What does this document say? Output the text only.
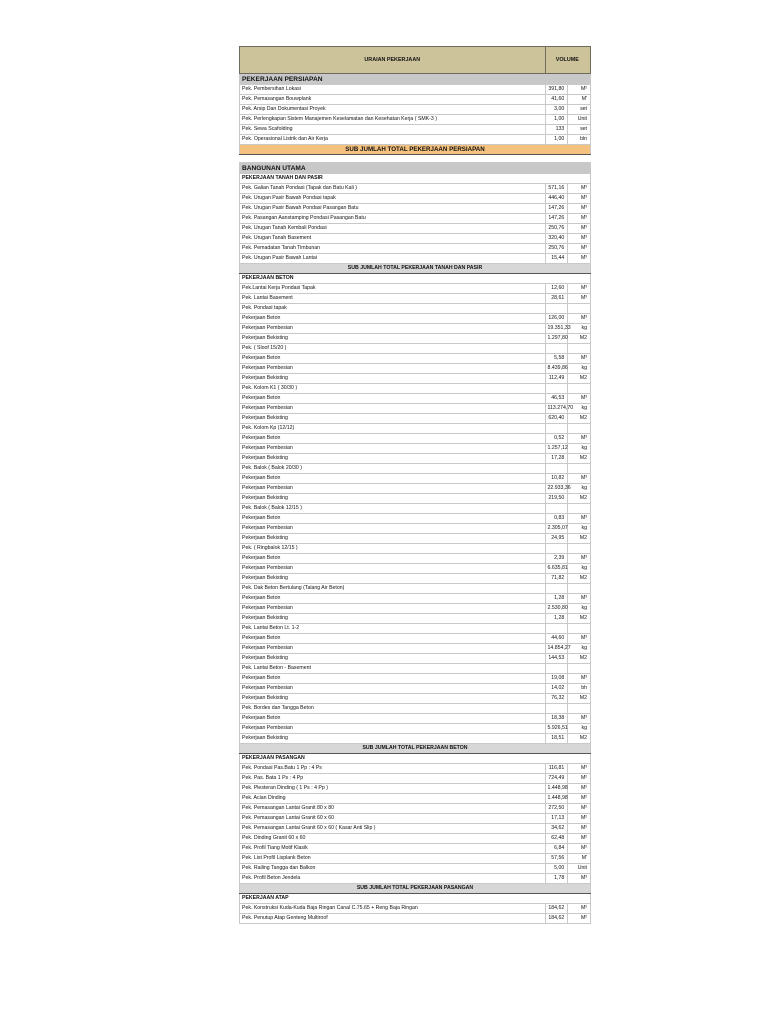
URAIAN PEKERJAAN	VOLUME	
PEKERJAAN PERSIAPAN		
Pek. Pembersihan Lokasi	391,80	M²
Pek. Pemasangan Bouwplank	41,60	M'
Pek. Arsip Dan Dokumentasi Proyek	3,00	set
Pek. Perlengkapan Sistem Manajemen Keselamatan dan Kesehatan Kerja ( SMK-3 )	1,00	Unit
Pek. Sewa Scafolding	133	set
Pek. Operasional Listrik dan Air Kerja	1,00	bln
SUB JUMLAH TOTAL PEKERJAAN PERSIAPAN		

BANGUNAN UTAMA		
PEKERJAAN TANAH DAN PASIR		
Pek. Galian Tanah Pondasi (Tapak dan Batu Kali )	571,16	M³
Pek. Urugan Pasir Bawah Pondasi tapak	446,40	M³
Pek. Urugan Pasir Bawah Pondasi Pasangan Batu	147,26	M³
Pek. Pasangan Aanstamping Pondasi Pasangan Batu	147,26	M³
Pek. Urugan Tanah Kembali Pondasi	250,76	M³
Pek. Urugan Tanah Basement	320,40	M³
Pek. Pemadatan Tanah Timbunan	250,76	M³
Pek. Urugan Pasir Bawah Lantai	15,44	M³
SUB JUMLAH TOTAL PEKERJAAN TANAH DAN PASIR		
PEKERJAAN BETON		
Pek.Lantai Kerja Pondasi Tapak	12,60	M³
Pek. Lantai Basement	28,61	M³
Pek. Pondasi tapak		
Pekerjaan Beton	126,00	M³
Pekerjaan Pembesian	19.351,33	kg
Pekerjaan Bekisting	1.297,80	M2
Pek. ( Sloof 15/20 )		
Pekerjaan Beton	5,58	M³
Pekerjaan Pembesian	8.439,86	kg
Pekerjaan Bekisting	112,49	M2
Pek. Kolom K1 ( 30/30 )		
Pekerjaan Beton	46,53	M³
Pekerjaan Pembesian	113.274,70	kg
Pekerjaan Bekisting	620,40	M2
Pek. Kolom Kp (12/12)		
Pekerjaan Beton	0,52	M³
Pekerjaan Pembesian	1.257,12	kg
Pekerjaan Bekisting	17,28	M2
Pek. Balok ( Balok 20/30 )		
Pekerjaan Beton	10,82	M³
Pekerjaan Pembesian	22.933,36	kg
Pekerjaan Bekisting	219,50	M2
Pek. Balok ( Balok 12/15 )		
Pekerjaan Beton	0,83	M³
Pekerjaan Pembesian	2.305,07	kg
Pekerjaan Bekisting	24,95	M2
Pek. ( Ringbalok 12/15 )		
Pekerjaan Beton	2,39	M³
Pekerjaan Pembesian	6.635,81	kg
Pekerjaan Bekisting	71,82	M2
Pek. Dak Beton Bertulang (Talang Air Beton)		
Pekerjaan Beton	1,28	M³
Pekerjaan Pembesian	2.530,80	kg
Pekerjaan Bekisting	1,28	M2
Pek. Lantai Beton Lt. 1-2		
Pekerjaan Beton	44,60	M³
Pekerjaan Pembesian	14.854,27	kg
Pekerjaan Bekisting	144,53	M2
Pek. Lantai Beton - Basement		
Pekerjaan Beton	19,08	M³
Pekerjaan Pembesian	14,02	bh
Pekerjaan Bekisting	76,32	M2
Pek. Bordes dan Tangga Beton		
Pekerjaan Beton	18,38	M³
Pekerjaan Pembesian	5.926,51	kg
Pekerjaan Bekisting	18,51	M2
SUB JUMLAH TOTAL PEKERJAAN BETON		
PEKERJAAN PASANGAN		
Pek. Pondasi Pas.Batu 1 Pp : 4 Ps	116,81	M³
Pek. Pas. Bata 1 Ps : 4 Pp	724,49	M²
Pek. Plesteran Dinding ( 1 Ps : 4 Pp )	1.448,98	M²
Pek. Acian Dinding	1.448,98	M²
Pek. Pemasangan Lantai Granit 80 x 80	272,50	M²
Pek. Pemasangan Lantai Granit 60 x 60	17,13	M²
Pek. Pemasangan Lantai Granit 60 x 60 ( Kasar Anti Slip )	34,62	M²
Pek. Dinding Granit 60 x 60	62,48	M²
Pek. Profil Tiang Motif Klasik	6,84	M²
Pek. List Profil Lisplank Beton	57,56	M'
Pek. Railing Tangga dan Balkon	5,00	Unit
Pek. Profil Beton Jendela	1,78	M³
SUB JUMLAH TOTAL PEKERJAAN PASANGAN		
PEKERJAAN ATAP		
Pek. Konstruksi Kuda-Kuda Baja Ringan Canal C.75.65 + Reng Baja Ringan	184,62	M²
Pek. Penutup Atap Genteng Multiroof	184,62	M²
